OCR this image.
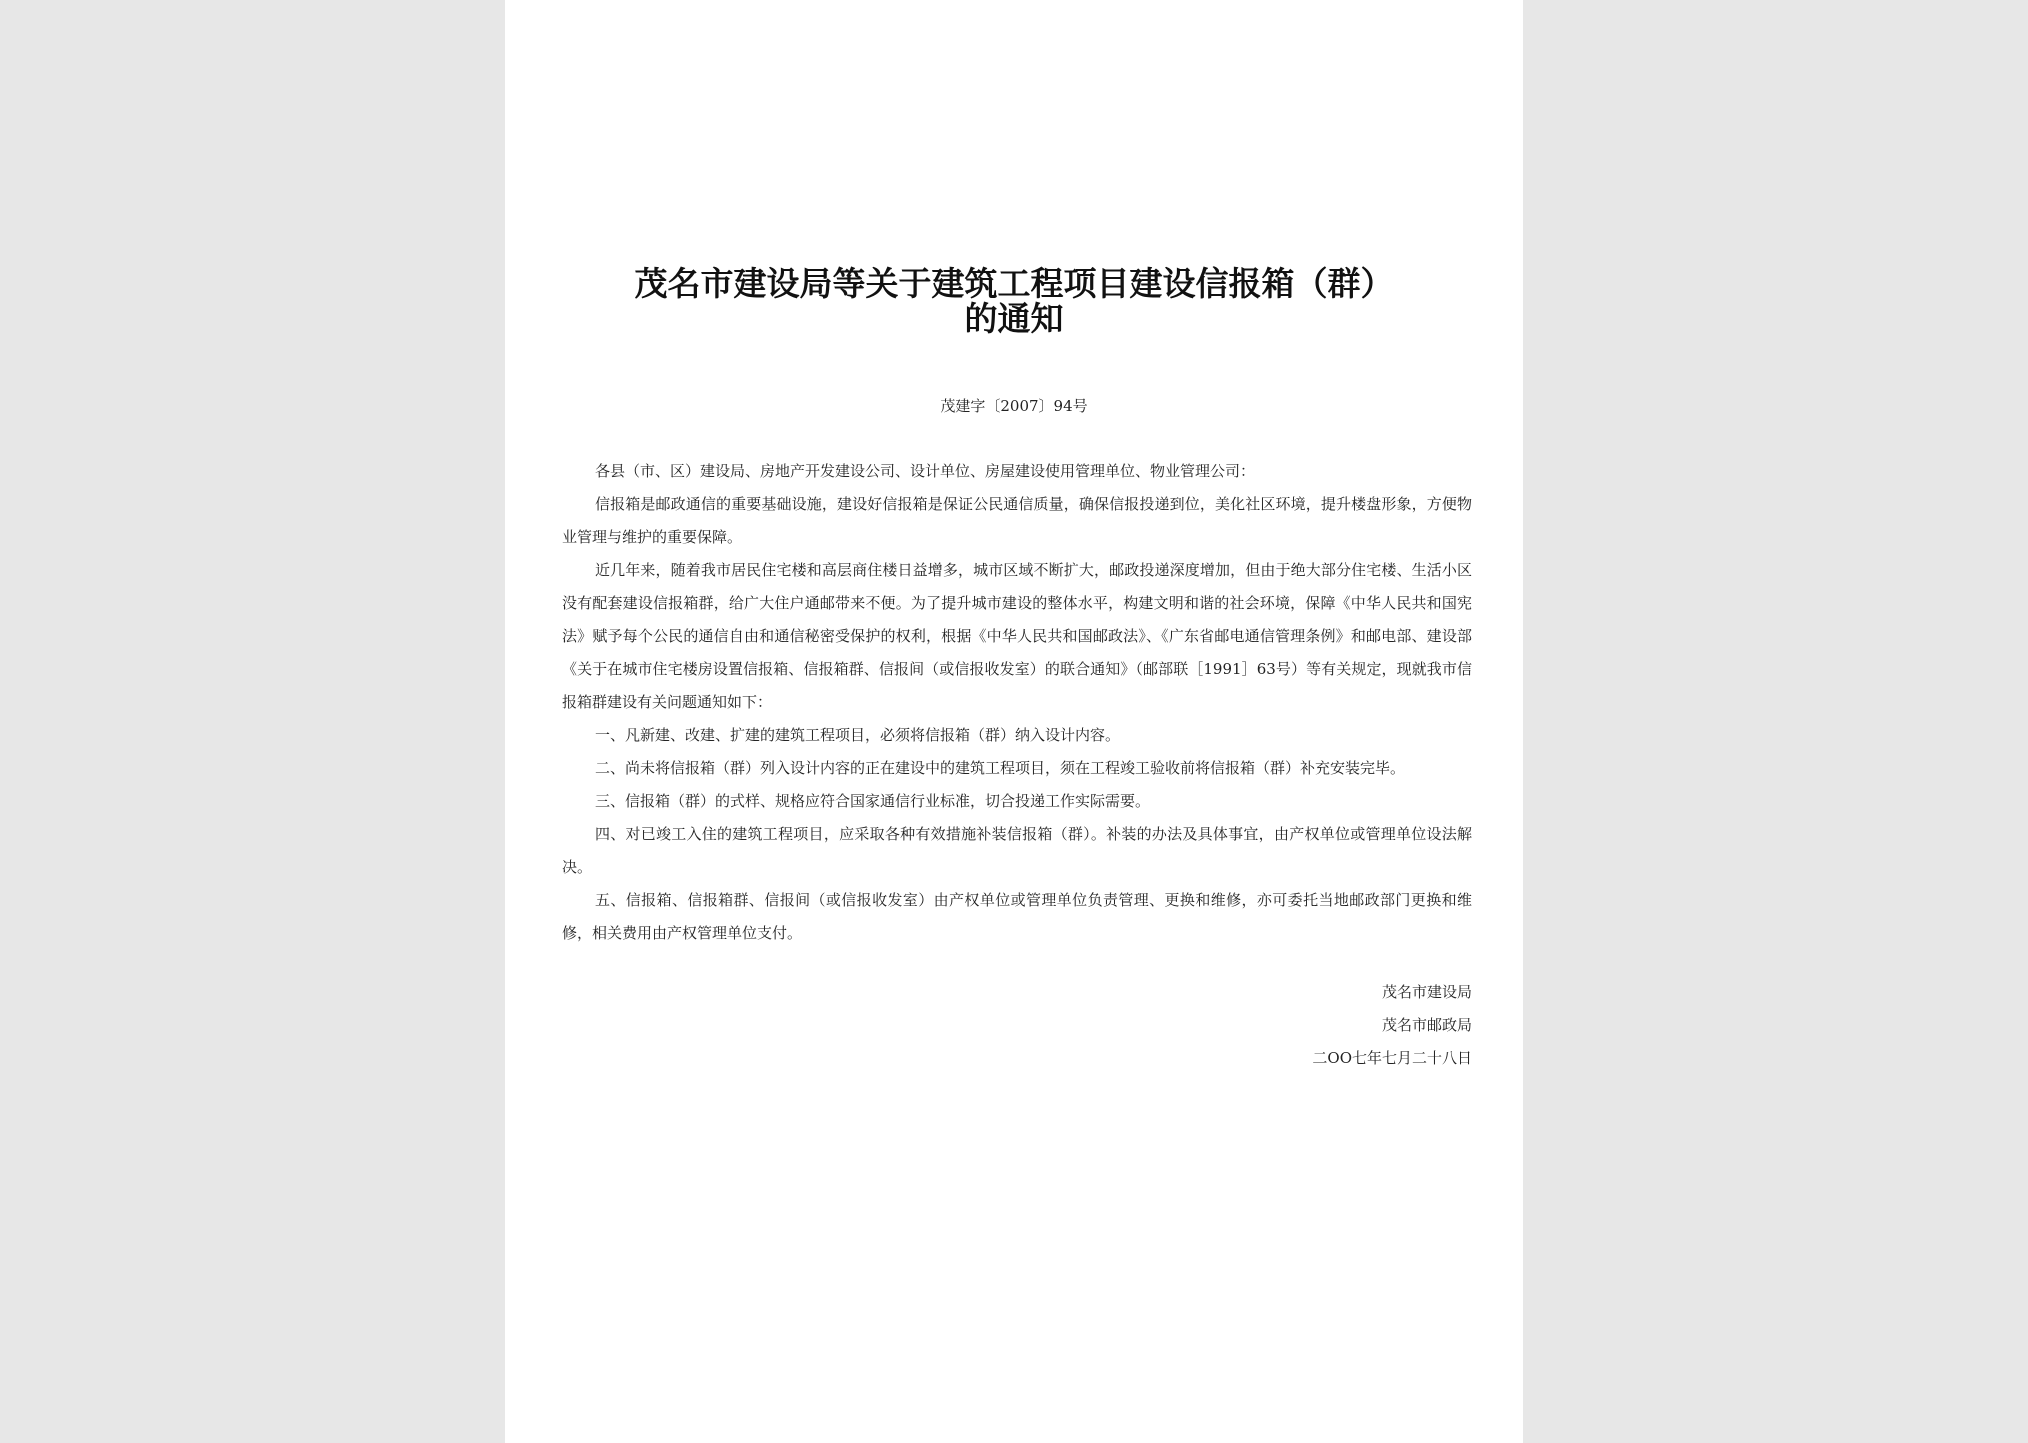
茂名市建设局等关于建筑工程项目建设信报箱（群）
的通知
茂建字〔2007〕94号

各县（市、区）建设局、房地产开发建设公司、设计单位、房屋建设使用管理单位、物业管理公司：

信报箱是邮政通信的重要基础设施，建设好信报箱是保证公民通信质量，确保信报投递到位，美化社区环境，提升楼盘形象，方便物业管理与维护的重要保障。

近几年来，随着我市居民住宅楼和高层商住楼日益增多，城市区域不断扩大，邮政投递深度增加，但由于绝大部分住宅楼、生活小区没有配套建设信报箱群，给广大住户通邮带来不便。为了提升城市建设的整体水平，构建文明和谐的社会环境，保障《中华人民共和国宪法》赋予每个公民的通信自由和通信秘密受保护的权利，根据《中华人民共和国邮政法》、《广东省邮电通信管理条例》和邮电部、建设部《关于在城市住宅楼房设置信报箱、信报箱群、信报间（或信报收发室）的联合通知》（邮部联［1991］63号）等有关规定，现就我市信报箱群建设有关问题通知如下：

一、凡新建、改建、扩建的建筑工程项目，必须将信报箱（群）纳入设计内容。

二、尚未将信报箱（群）列入设计内容的正在建设中的建筑工程项目，须在工程竣工验收前将信报箱（群）补充安装完毕。

三、信报箱（群）的式样、规格应符合国家通信行业标准，切合投递工作实际需要。

四、对已竣工入住的建筑工程项目，应采取各种有效措施补装信报箱（群）。补装的办法及具体事宜，由产权单位或管理单位设法解决。

五、信报箱、信报箱群、信报间（或信报收发室）由产权单位或管理单位负责管理、更换和维修，亦可委托当地邮政部门更换和维修，相关费用由产权管理单位支付。

茂名市建设局
茂名市邮政局
二OO七年七月二十八日
